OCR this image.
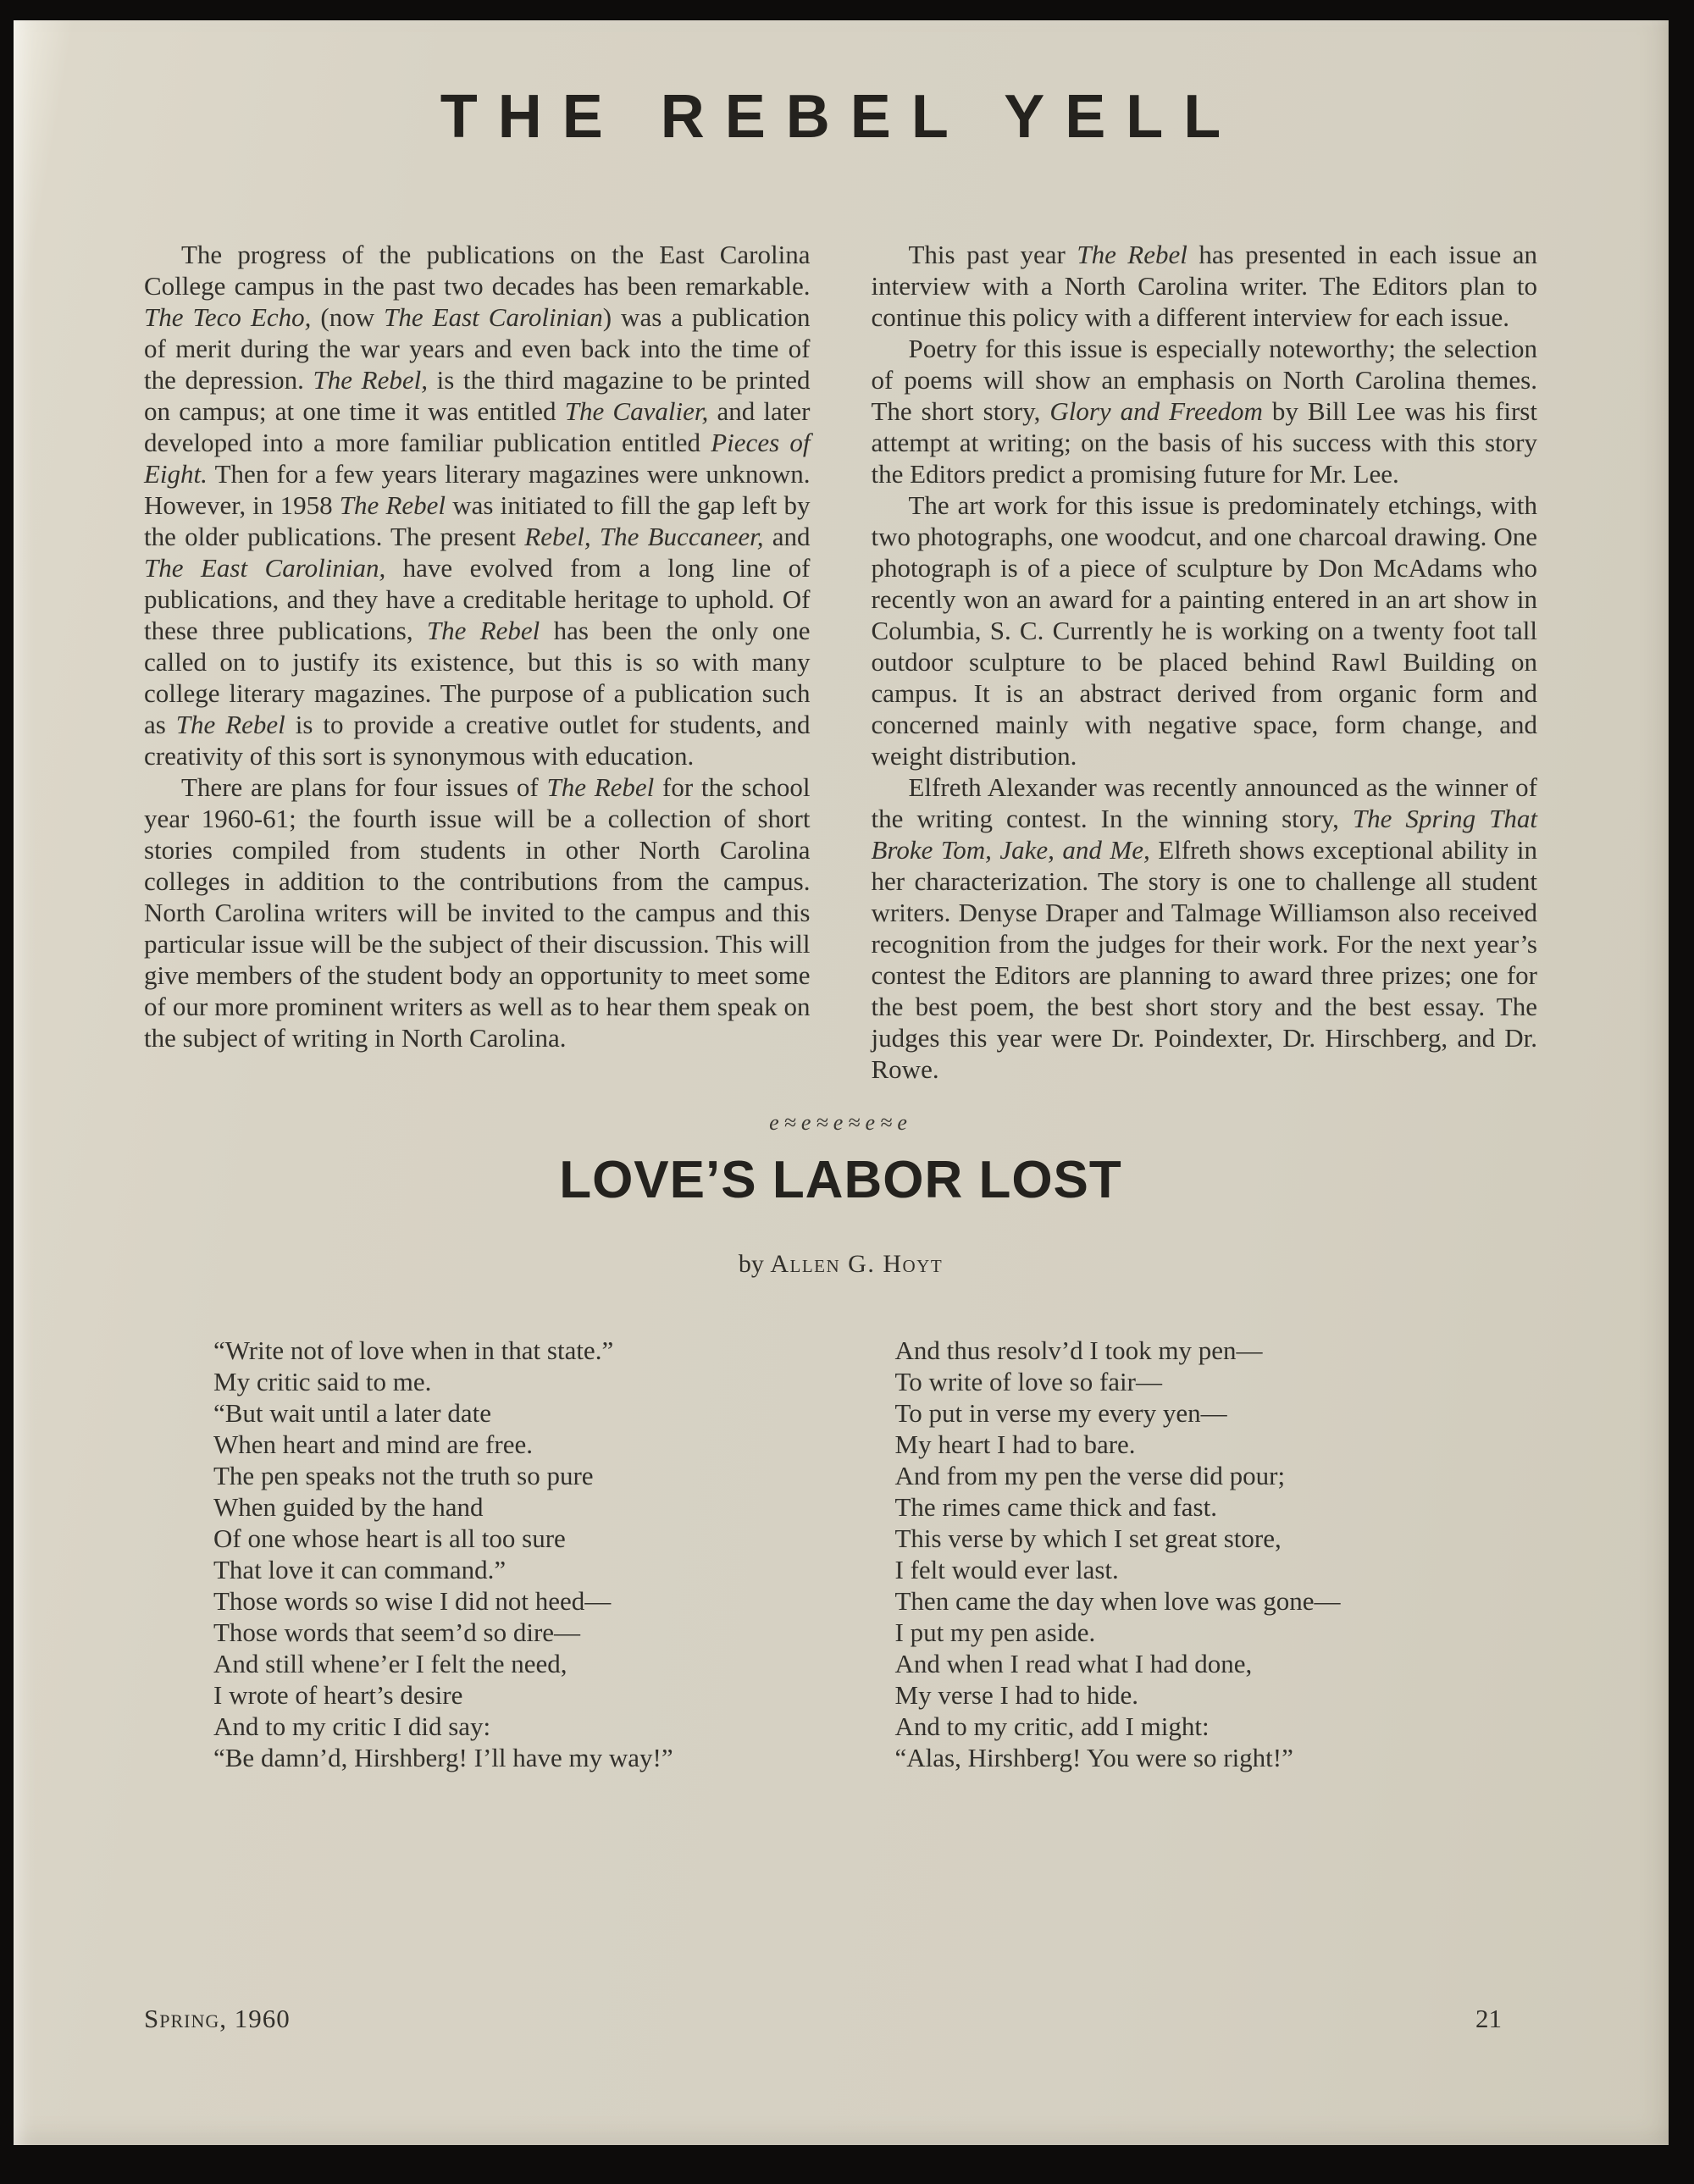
THE REBEL YELL

The progress of the publications on the East Carolina College campus in the past two decades has been remarkable. The Teco Echo, (now The East Carolinian) was a publication of merit during the war years and even back into the time of the depression. The Rebel, is the third magazine to be printed on campus; at one time it was entitled The Cavalier, and later developed into a more familiar publication entitled Pieces of Eight. Then for a few years literary magazines were unknown. However, in 1958 The Rebel was initiated to fill the gap left by the older publications. The present Rebel, The Buccaneer, and The East Carolinian, have evolved from a long line of publications, and they have a creditable heritage to uphold. Of these three publications, The Rebel has been the only one called on to justify its existence, but this is so with many college literary magazines. The purpose of a publication such as The Rebel is to provide a creative outlet for students, and creativity of this sort is synonymous with education.

There are plans for four issues of The Rebel for the school year 1960-61; the fourth issue will be a collection of short stories compiled from students in other North Carolina colleges in addition to the contributions from the campus. North Carolina writers will be invited to the campus and this particular issue will be the subject of their discussion. This will give members of the student body an opportunity to meet some of our more prominent writers as well as to hear them speak on the subject of writing in North Carolina.

This past year The Rebel has presented in each issue an interview with a North Carolina writer. The Editors plan to continue this policy with a different interview for each issue.

Poetry for this issue is especially noteworthy; the selection of poems will show an emphasis on North Carolina themes. The short story, Glory and Freedom by Bill Lee was his first attempt at writing; on the basis of his success with this story the Editors predict a promising future for Mr. Lee.

The art work for this issue is predominately etchings, with two photographs, one woodcut, and one charcoal drawing. One photograph is of a piece of sculpture by Don McAdams who recently won an award for a painting entered in an art show in Columbia, S. C. Currently he is working on a twenty foot tall outdoor sculpture to be placed behind Rawl Building on campus. It is an abstract derived from organic form and concerned mainly with negative space, form change, and weight distribution.

Elfreth Alexander was recently announced as the winner of the writing contest. In the winning story, The Spring That Broke Tom, Jake, and Me, Elfreth shows exceptional ability in her characterization. The story is one to challenge all student writers. Denyse Draper and Talmage Williamson also received recognition from the judges for their work. For the next year’s contest the Editors are planning to award three prizes; one for the best poem, the best short story and the best essay. The judges this year were Dr. Poindexter, Dr. Hirschberg, and Dr. Rowe.

e≈e≈e≈e≈e
LOVE’S LABOR LOST
by Allen G. Hoyt
“Write not of love when in that state.”
My critic said to me.
“But wait until a later date
When heart and mind are free.
The pen speaks not the truth so pure
When guided by the hand
Of one whose heart is all too sure
That love it can command.”
Those words so wise I did not heed—
Those words that seem’d so dire—
And still whene’er I felt the need,
I wrote of heart’s desire
And to my critic I did say:
“Be damn’d, Hirshberg! I’ll have my way!”
And thus resolv’d I took my pen—
To write of love so fair—
To put in verse my every yen—
My heart I had to bare.
And from my pen the verse did pour;
The rimes came thick and fast.
This verse by which I set great store,
I felt would ever last.
Then came the day when love was gone—
I put my pen aside.
And when I read what I had done,
My verse I had to hide.
And to my critic, add I might:
“Alas, Hirshberg! You were so right!”
Spring, 1960	21
